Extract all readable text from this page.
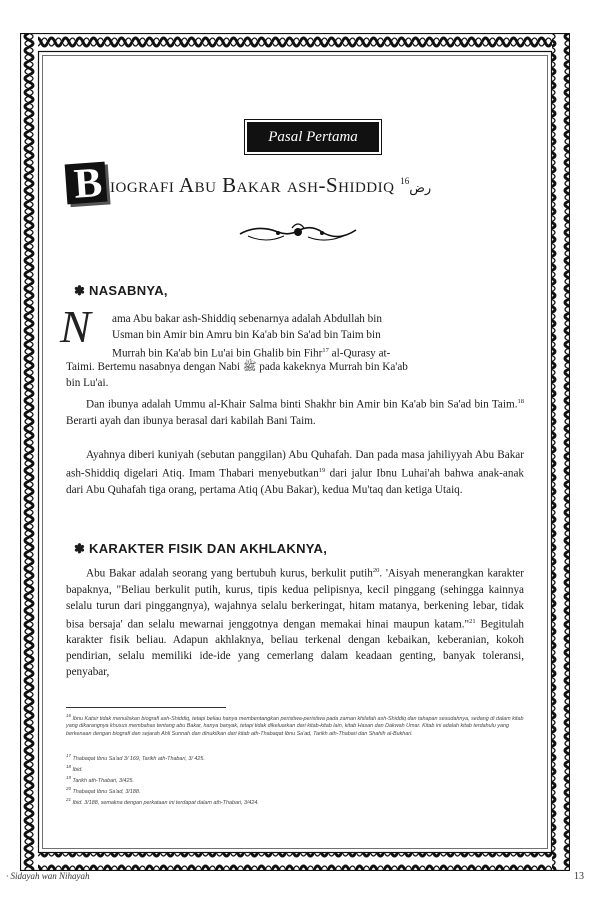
Pasal Pertama
B iografi Abu Bakar ash-Shiddiq رض$^{16}$
✽ NASABNYA,
N ama Abu bakar ash-Shiddiq sebenarnya adalah Abdullah bin
Usman bin Amir bin Amru bin Ka'ab bin Sa'ad bin Taim bin
Murrah bin Ka'ab bin Lu'ai bin Ghalib bin Fihr$^{17}$ al-Qurasy at-
Taimi. Bertemu nasabnya dengan Nabi ﷺ pada kakeknya Murrah bin Ka'ab
bin Lu'ai.
Dan ibunya adalah Ummu al-Khair Salma binti Shakhr bin Amir bin Ka'ab bin Sa'ad bin Taim.$^{18}$ Berarti ayah dan ibunya berasal dari kabilah Bani Taim.
Ayahnya diberi kuniyah (sebutan panggilan) Abu Quhafah. Dan pada masa jahiliyyah Abu Bakar ash-Shiddiq digelari Atiq. Imam Thabari menyebutkan$^{19}$ dari jalur Ibnu Luhai'ah bahwa anak-anak dari Abu Quhafah tiga orang, pertama Atiq (Abu Bakar), kedua Mu'taq dan ketiga Utaiq.
✽ KARAKTER FISIK DAN AKHLAKNYA,
Abu Bakar adalah seorang yang bertubuh kurus, berkulit putih$^{20}$. 'Aisyah menerangkan karakter bapaknya, "Beliau berkulit putih, kurus, tipis kedua pelipisnya, kecil pinggang (sehingga kainnya selalu turun dari pinggangnya), wajahnya selalu berkeringat, hitam matanya, berkening lebar, tidak bisa bersaja' dan selalu mewarnai jenggotnya dengan memakai hinai maupun katam."$^{21}$ Begitulah karakter fisik beliau. Adapun akhlaknya, beliau terkenal dengan kebaikan, keberanian, kokoh pendirian, selalu memiliki ide-ide yang cemerlang dalam keadaan genting, banyak toleransi, penyabar,
$^{16}$ Ibnu Katsir tidak menuliskan biografi ash-Shiddiq, tetapi beliau hanya membentangkan peristiwa-peristiwa pada zaman khilafah ash-Shiddiq dan tahapan sesudahnya, sedang di dalam kitab yang dikarangnya khusus membahas tentang abu Bakar, hanya banyak, tetapi tidak dikeluarkan dari kitab-kitab lain, kitab Hasan dan Dakwah Umar. Kitab ini adalah kitab terdahulu yang berkenaan dengan biografi dan sejarah Ahli Sunnah dan dinukilkan dari kitab ath-Thabaqat Ibnu Sa'ad, Tarikh ath-Thabari dan Shahih al-Bukhari.
$^{17}$ Thabaqat Ibnu Sa'ad 3/ 169, Tarikh ath-Thabari, 3/ 425.
$^{18}$ Ibid.
$^{19}$ Tarikh ath-Thabari, 3/425.
$^{20}$ Thabaqat Ibnu Sa'ad, 3/188.
$^{21}$ Ibid. 3/188, semakna dengan perkataan ini terdapat dalam ath-Thabari, 3/424.
· Sidayah wan Nihayah	13
